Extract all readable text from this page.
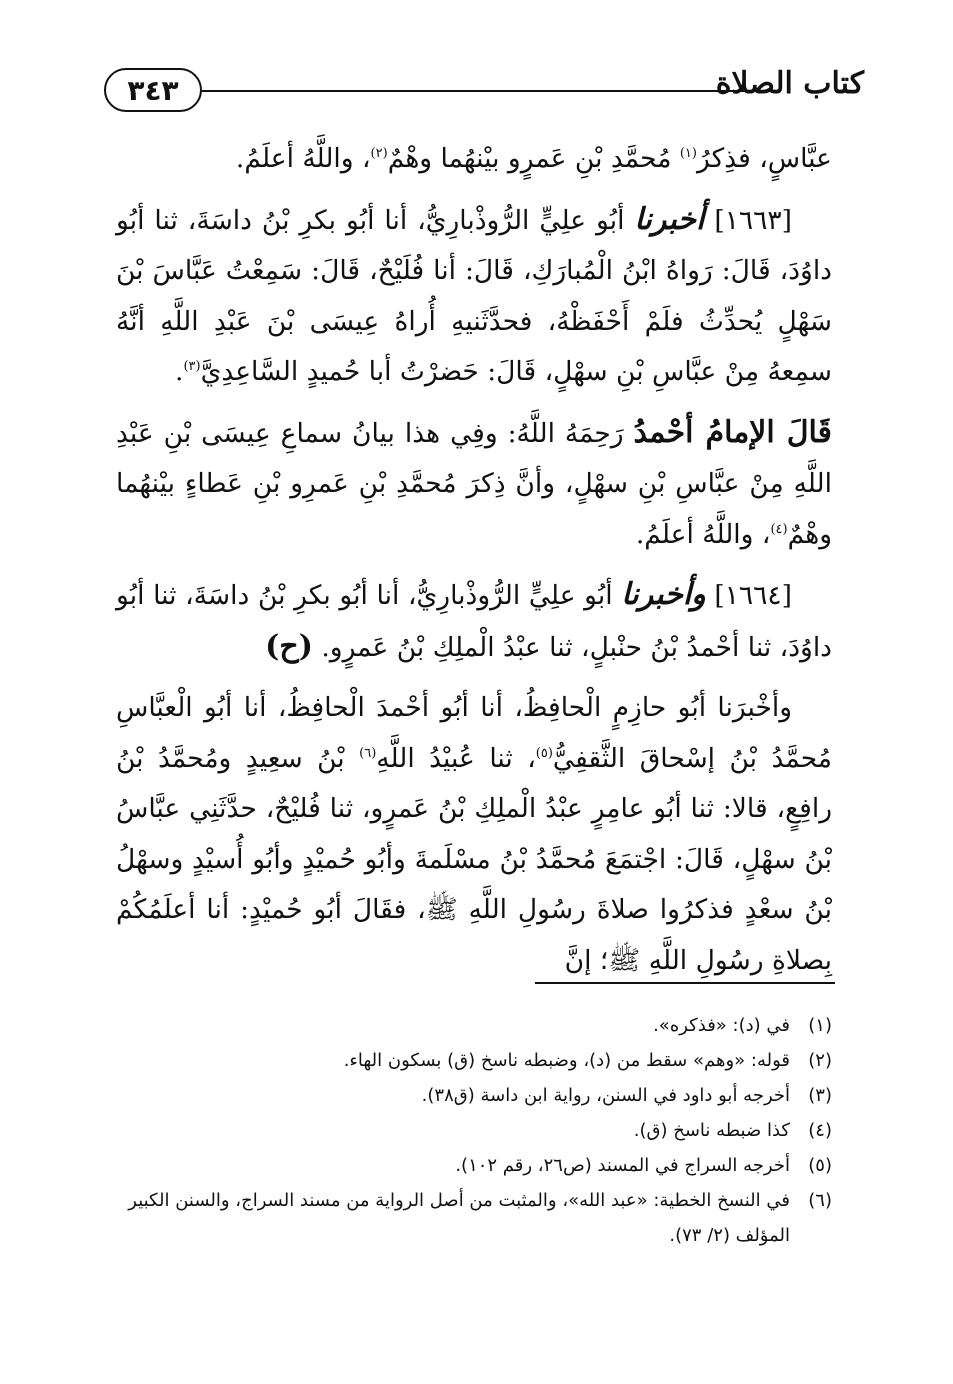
كتاب الصلاة
٣٤٣

عبَّاسٍ، فذِكرُ$^{(١)}$ مُحمَّدِ بْنِ عَمرٍو بيْنهُما وهْمٌ$^{(٢)}$، واللَّهُ أعلَمُ.

[١٦٦٣] أخبرنا أبُو علِيٍّ الرُّوذْبارِيُّ، أنا أبُو بكرِ بْنُ داسَةَ، ثنا أبُو داوُدَ، قَالَ: رَواهُ ابْنُ الْمُبارَكِ، قَالَ: أنا فُلَيْحٌ، قَالَ: سَمِعْتُ عَبَّاسَ بْنَ سَهْلٍ يُحدِّثُ فلَمْ أَحْفَظْهُ، فحدَّثَنيهِ أُراهُ عِيسَى بْنَ عَبْدِ اللَّهِ أنَّهُ سمِعهُ مِنْ عبَّاسِ بْنِ سهْلٍ، قَالَ: حَضرْتُ أبا حُميدٍ السَّاعِدِيَّ$^{(٣)}$.

قَالَ الإمامُ أحْمدُ رَحِمَهُ اللَّهُ: وفِي هذا بيانُ سماعِ عِيسَى بْنِ عَبْدِ اللَّهِ مِنْ عبَّاسِ بْنِ سهْلٍ، وأنَّ ذِكرَ مُحمَّدِ بْنِ عَمرِو بْنِ عَطاءٍ بيْنهُما وهْمٌ$^{(٤)}$، واللَّهُ أعلَمُ.

[١٦٦٤] وأخبرنا أبُو علِيٍّ الرُّوذْبارِيُّ، أنا أبُو بكرِ بْنُ داسَةَ، ثنا أبُو داوُدَ، ثنا أحْمدُ بْنُ حنْبلٍ، ثنا عبْدُ الْملِكِ بْنُ عَمرٍو. (ح)

وأخْبرَنا أبُو حازِمٍ الْحافِظُ، أنا أبُو أحْمدَ الْحافِظُ، أنا أبُو الْعبَّاسِ مُحمَّدُ بْنُ إسْحاقَ الثَّقفِيُّ$^{(٥)}$، ثنا عُبيْدُ اللَّهِ$^{(٦)}$ بْنُ سعِيدٍ ومُحمَّدُ بْنُ رافِعٍ، قالا: ثنا أبُو عامِرٍ عبْدُ الْملِكِ بْنُ عَمرٍو، ثنا فُليْحٌ، حدَّثَنِي عبَّاسُ بْنُ سهْلٍ، قَالَ: اجْتمَعَ مُحمَّدُ بْنُ مسْلَمةَ وأبُو حُميْدٍ وأبُو أُسيْدٍ وسهْلُ بْنُ سعْدٍ فذكرُوا صلاةَ رسُولِ اللَّهِ ﷺ، فقَالَ أبُو حُميْدٍ: أنا أعلَمُكُمْ بِصلاةِ رسُولِ اللَّهِ ﷺ؛ إنَّ

(١)
في (د): «فذكره».
(٢)
قوله: «وهم» سقط من (د)، وضبطه ناسخ (ق) بسكون الهاء.
(٣)
أخرجه أبو داود في السنن، رواية ابن داسة (ق٣٨).
(٤)
كذا ضبطه ناسخ (ق).
(٥)
أخرجه السراج في المسند (ص٢٦، رقم ١٠٢).
(٦)
في النسخ الخطية: «عبد الله»، والمثبت من أصل الرواية من مسند السراج، والسنن الكبير المؤلف (٢/ ٧٣).
